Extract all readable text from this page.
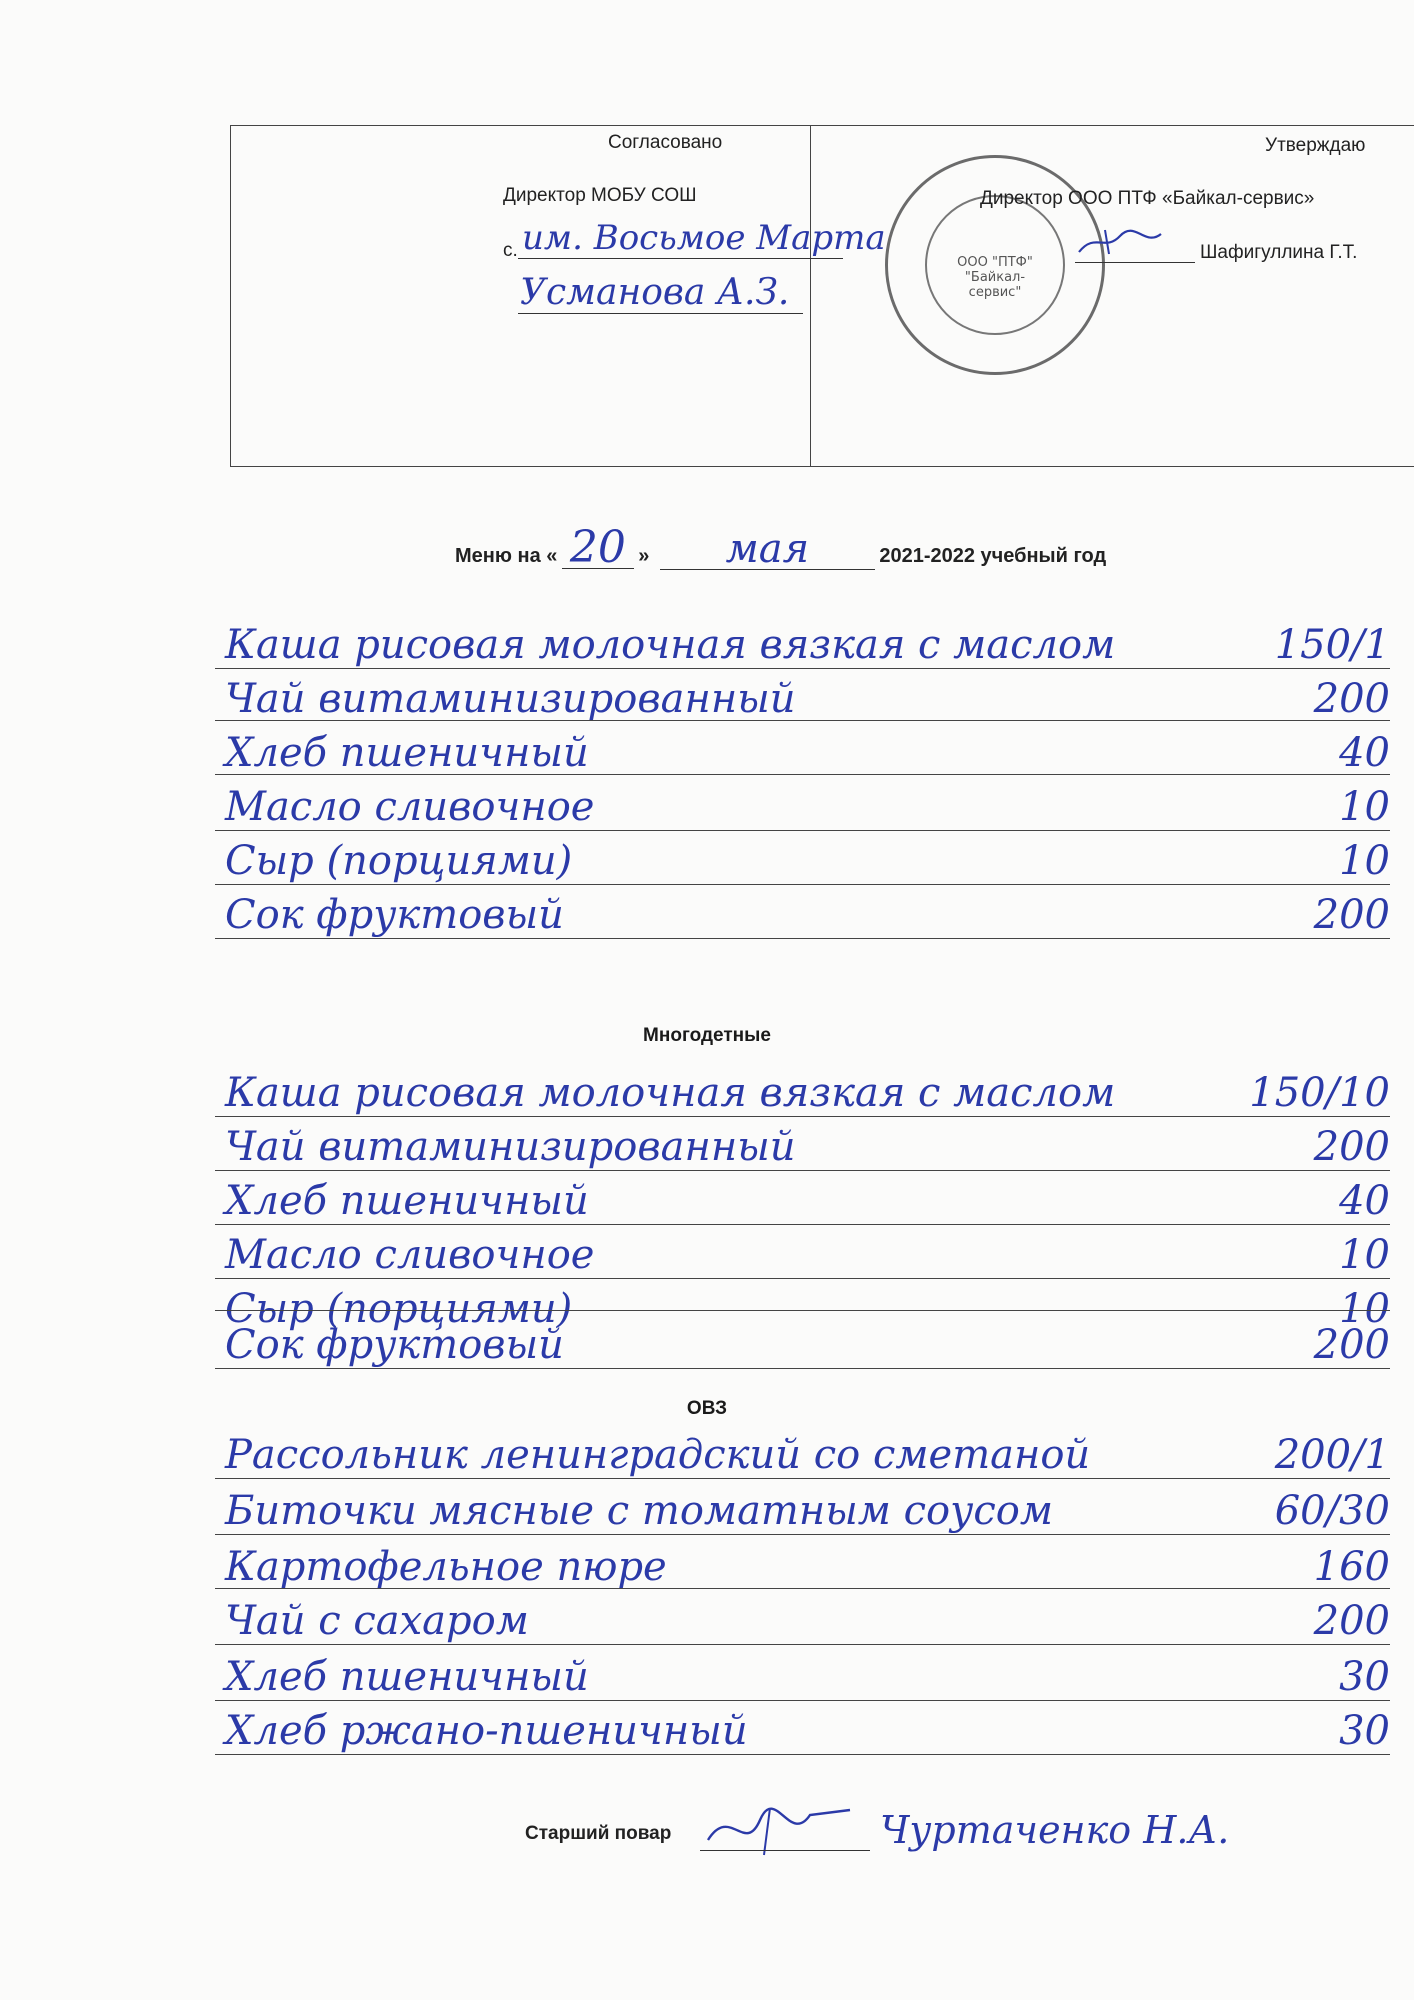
Согласовано
Директор МОБУ СОШ
с. им. Восьмое Марта
Усманова А.З.
ООО "ПТФ" "Байкал-сервис"
Утверждаю
Директор ООО ПТФ «Байкал-сервис»
Шафигуллина Г.Т.
Меню на « 20 » мая	2021-2022 учебный год
Каша рисовая молочная вязкая с маслом	150/1
Чай витаминизированный	200
Хлеб пшеничный	40
Масло сливочное	10
Сыр (порциями)	10
Сок фруктовый	200
Многодетные
Каша рисовая молочная вязкая с маслом	150/10
Чай витаминизированный	200
Хлеб пшеничный	40
Масло сливочное	10
Сыр (порциями)	10
Сок фруктовый	200
ОВЗ
Рассольник ленинградский со сметаной	200/1
Биточки мясные с томатным соусом	60/30
Картофельное пюре	160
Чай с сахаром	200
Хлеб пшеничный	30
Хлеб ржано-пшеничный	30
Старший повар	Чуртаченко Н.А.
